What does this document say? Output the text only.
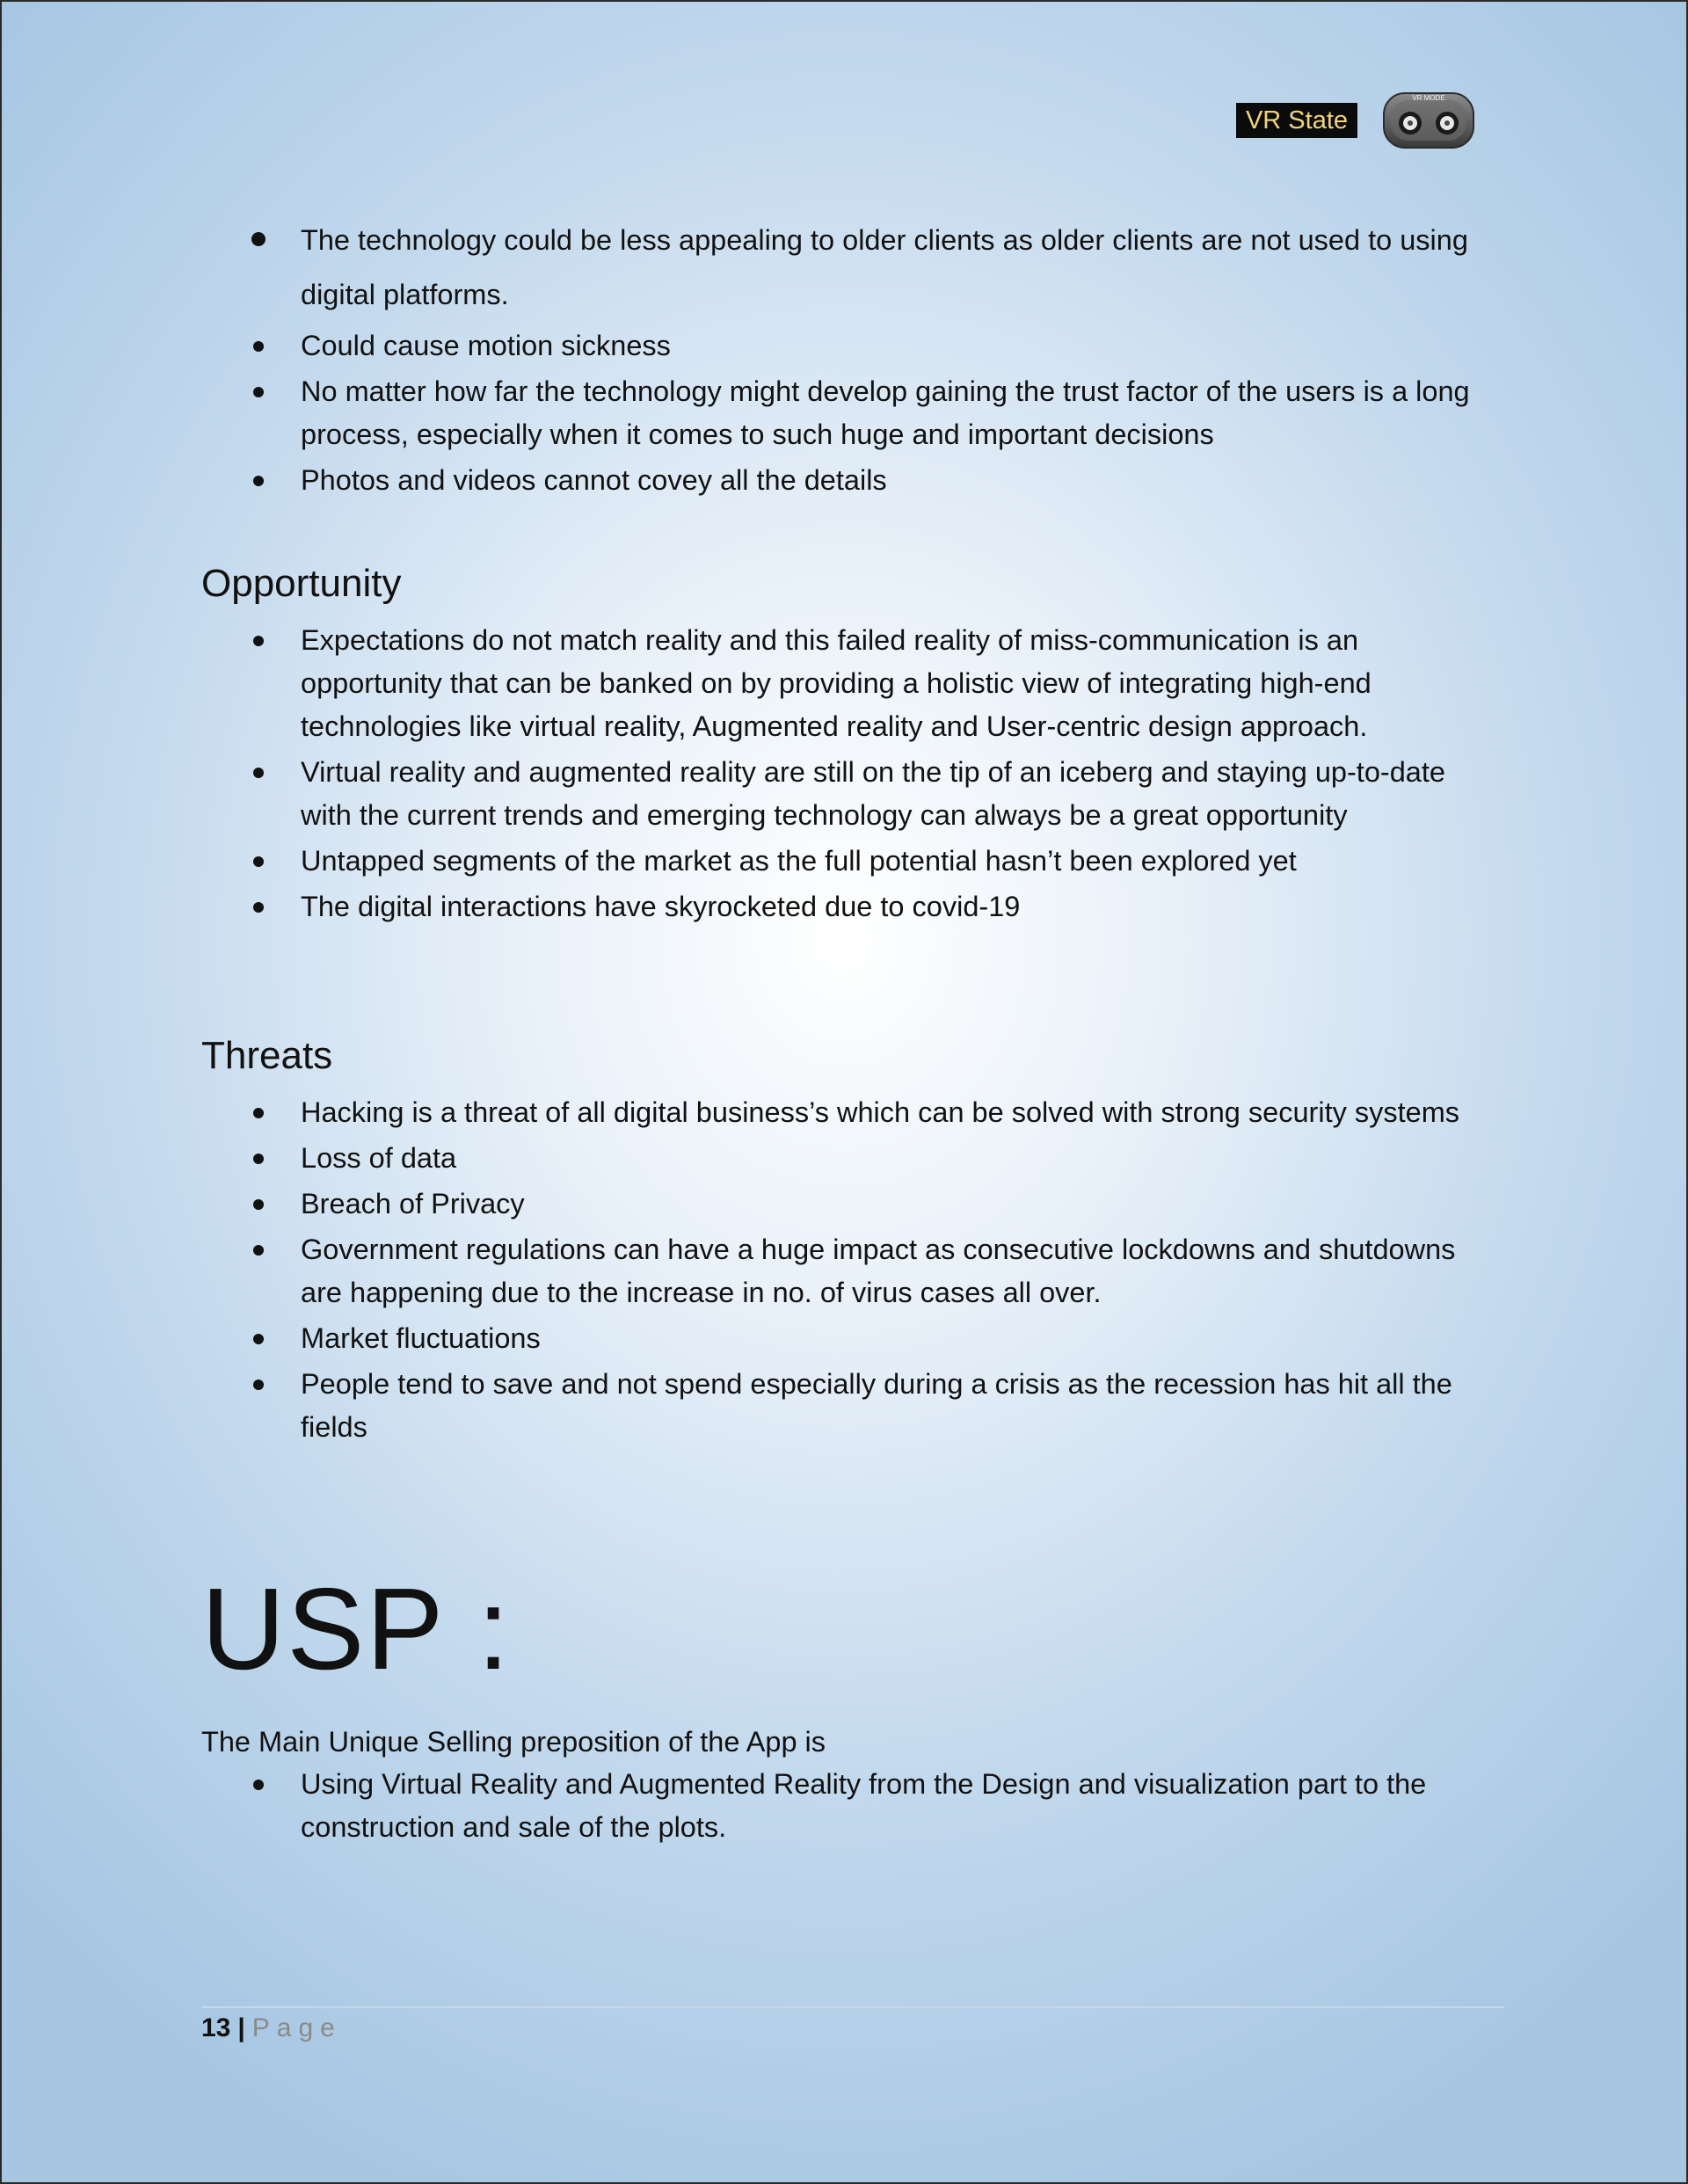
VR State
VR MODE
The technology could be less appealing to older clients as older clients are not used to using digital platforms.
Could cause motion sickness
No matter how far the technology might develop gaining the trust factor of the users is a long process, especially when it comes to such huge and important decisions
Photos and videos cannot covey all the details
Opportunity
Expectations do not match reality and this failed reality of miss-communication is an opportunity that can be banked on by providing a holistic view of integrating high-end technologies like virtual reality, Augmented reality and User-centric design approach.
Virtual reality and augmented reality are still on the tip of an iceberg and staying up-to-date with the current trends and emerging technology can always be a great opportunity
Untapped segments of the market as the full potential hasn’t been explored yet
The digital interactions have skyrocketed due to covid-19
Threats
Hacking is a threat of all digital business’s which can be solved with strong security systems
Loss of data
Breach of Privacy
Government regulations can have a huge impact as consecutive lockdowns and shutdowns are happening due to the increase in no. of virus cases all over.
Market fluctuations
People tend to save and not spend especially during a crisis as the recession has hit all the fields
USP :
The Main Unique Selling preposition of the App is
Using Virtual Reality and Augmented Reality from the Design and visualization part to the construction and sale of the plots.
13 | Page
